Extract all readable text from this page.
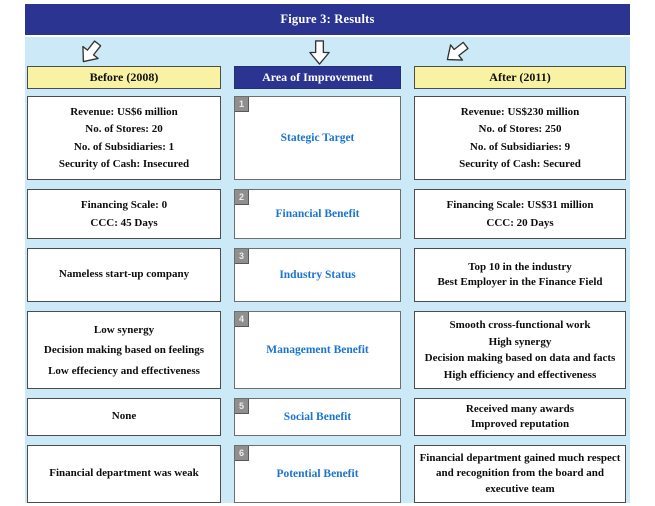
Figure 3: Results
Before (2008)	Area of Improvement	After (2011)
Revenue: US$6 million
No. of Stores: 20
No. of Subsidiaries: 1
Security of Cash: Insecured
1
Stategic Target
Revenue: US$230 million
No. of Stores: 250
No. of Subsidiaries: 9
Security of Cash: Secured
Financing Scale: 0
CCC: 45 Days
2
Financial Benefit
Financing Scale: US$31 million
CCC: 20 Days
Nameless start-up company
3
Industry Status
Top 10 in the industry
Best Employer in the Finance Field
Low synergy
Decision making based on feelings
Low effeciency and effectiveness
4
Management Benefit
Smooth cross-functional work
High synergy
Decision making based on data and facts
High efficiency and effectiveness
None
5
Social Benefit
Received many awards
Improved reputation
Financial department was weak
6
Potential Benefit
Financial department gained much respect and recognition from the board and executive team
